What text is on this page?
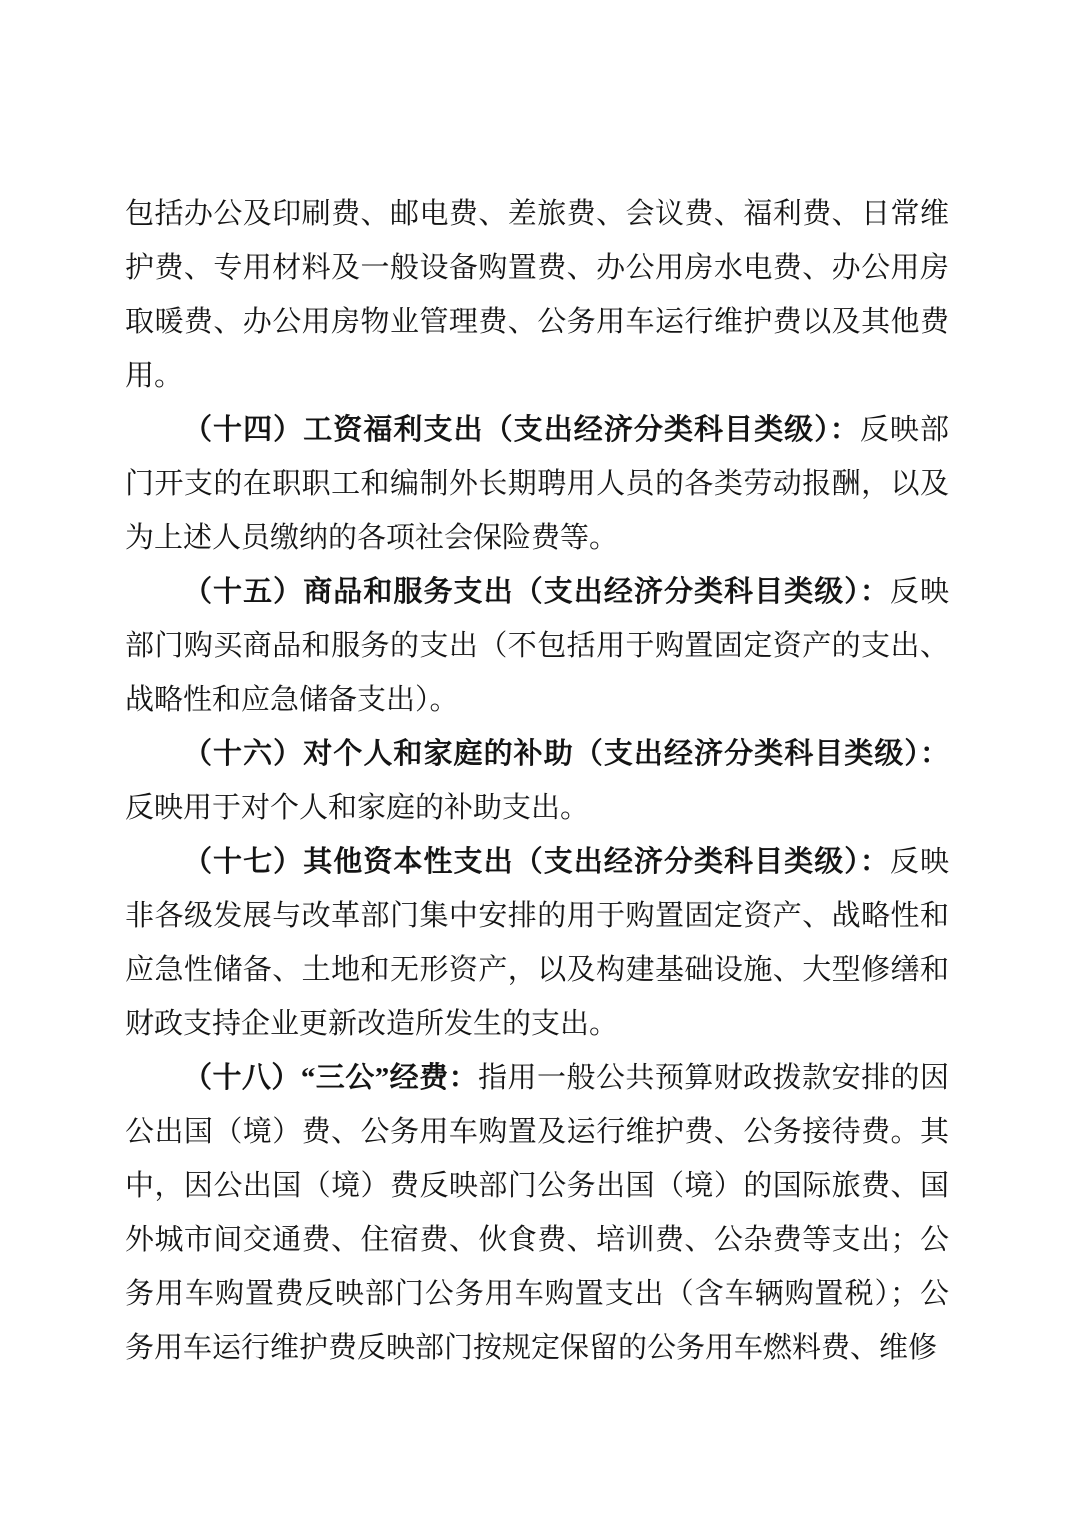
包括办公及印刷费、邮电费、差旅费、会议费、福利费、日常维护费、专用材料及一般设备购置费、办公用房水电费、办公用房取暖费、办公用房物业管理费、公务用车运行维护费以及其他费用。

（十四）工资福利支出（支出经济分类科目类级）：反映部门开支的在职职工和编制外长期聘用人员的各类劳动报酬，以及为上述人员缴纳的各项社会保险费等。

（十五）商品和服务支出（支出经济分类科目类级）：反映部门购买商品和服务的支出（不包括用于购置固定资产的支出、战略性和应急储备支出）。

（十六）对个人和家庭的补助（支出经济分类科目类级）：反映用于对个人和家庭的补助支出。

（十七）其他资本性支出（支出经济分类科目类级）：反映非各级发展与改革部门集中安排的用于购置固定资产、战略性和应急性储备、土地和无形资产，以及构建基础设施、大型修缮和财政支持企业更新改造所发生的支出。

（十八）“三公”经费：指用一般公共预算财政拨款安排的因公出国（境）费、公务用车购置及运行维护费、公务接待费。其中，因公出国（境）费反映部门公务出国（境）的国际旅费、国外城市间交通费、住宿费、伙食费、培训费、公杂费等支出；公务用车购置费反映部门公务用车购置支出（含车辆购置税）；公务用车运行维护费反映部门按规定保留的公务用车燃料费、维修
